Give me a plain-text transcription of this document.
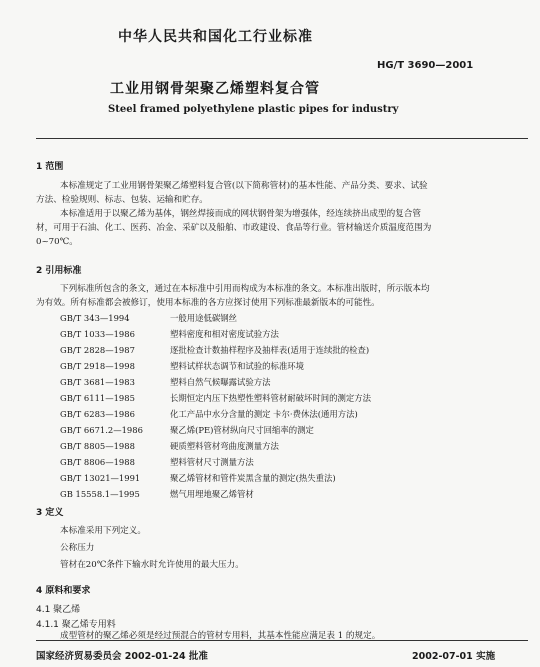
中华人民共和国化工行业标准
HG/T 3690—2001
工业用钢骨架聚乙烯塑料复合管
Steel framed polyethylene plastic pipes for industry
1 范围
本标准规定了工业用钢骨架聚乙烯塑料复合管(以下简称管材)的基本性能、产品分类、要求、试验
方法、检验规则、标志、包装、运输和贮存。
本标准适用于以聚乙烯为基体，钢丝焊接而成的网状钢骨架为增强体，经连续挤出成型的复合管
材，可用于石油、化工、医药、冶金、采矿以及船舶、市政建设、食品等行业。管材输送介质温度范围为
0~70℃。
2 引用标准
下列标准所包含的条文，通过在本标准中引用而构成为本标准的条文。本标准出版时，所示版本均
为有效。所有标准都会被修订，使用本标准的各方应探讨使用下列标准最新版本的可能性。
GB/T 343—1994	一般用途低碳钢丝
GB/T 1033—1986	塑料密度和相对密度试验方法
GB/T 2828—1987	逐批检查计数抽样程序及抽样表(适用于连续批的检查)
GB/T 2918—1998	塑料试样状态调节和试验的标准环境
GB/T 3681—1983	塑料自然气候曝露试验方法
GB/T 6111—1985	长期恒定内压下热塑性塑料管材耐破坏时间的测定方法
GB/T 6283—1986	化工产品中水分含量的测定 卡尔·费休法(通用方法)
GB/T 6671.2—1986	聚乙烯(PE)管材纵向尺寸回缩率的测定
GB/T 8805—1988	硬质塑料管材弯曲度测量方法
GB/T 8806—1988	塑料管材尺寸测量方法
GB/T 13021—1991	聚乙烯管材和管件炭黑含量的测定(热失重法)
GB 15558.1—1995	燃气用埋地聚乙烯管材
3 定义
本标准采用下列定义。
公称压力
管材在20℃条件下输水时允许使用的最大压力。
4 原料和要求
4.1 聚乙烯
4.1.1 聚乙烯专用料
成型管材的聚乙烯必须是经过预混合的管材专用料，其基本性能应满足表 1 的规定。
国家经济贸易委员会 2002-01-24 批准	2002-07-01 实施
